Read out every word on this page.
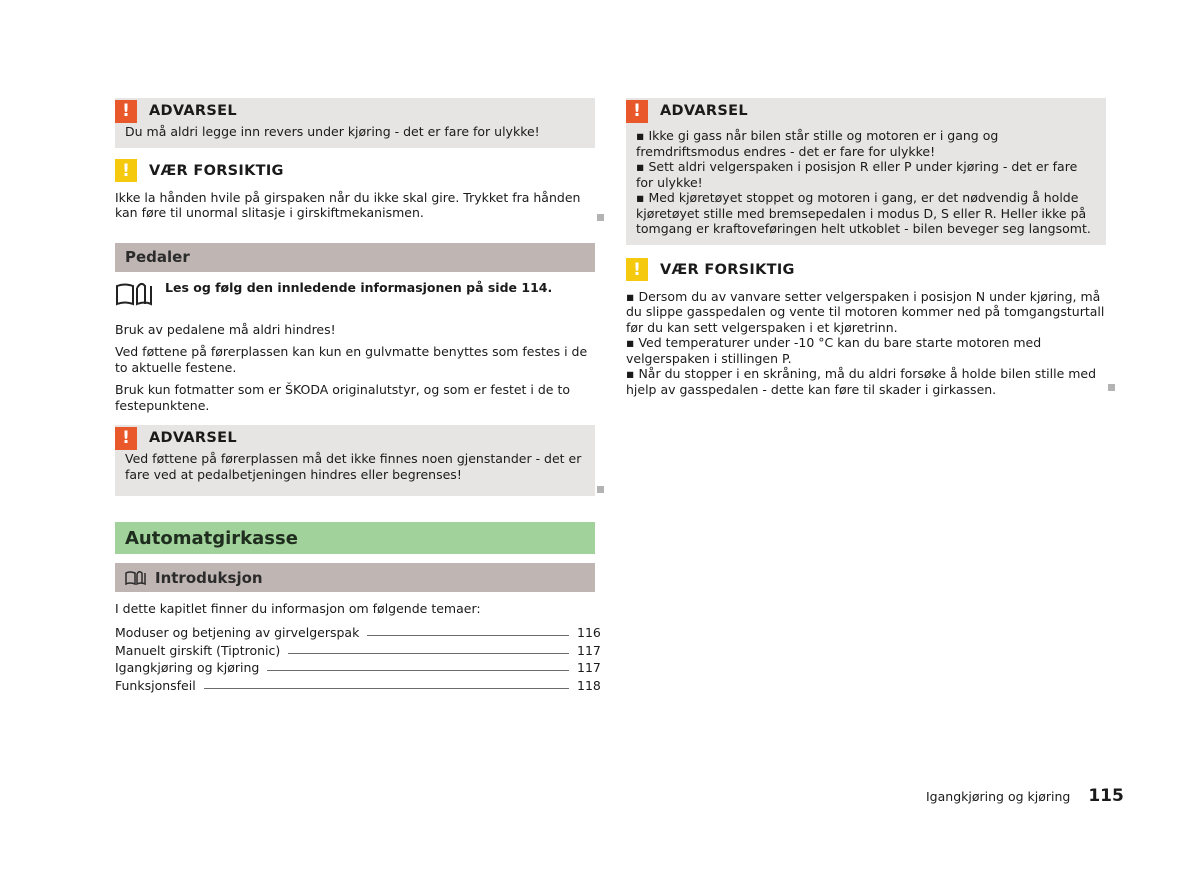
!	ADVARSEL
Du må aldri legge inn revers under kjøring - det er fare for ulykke!
!	VÆR FORSIKTIG
Ikke la hånden hvile på girspaken når du ikke skal gire. Trykket fra hånden kan føre til unormal slitasje i girskiftmekanismen.
Pedaler
Les og følg den innledende informasjonen på side 114.

Bruk av pedalene må aldri hindres!

Ved føttene på førerplassen kan kun en gulvmatte benyttes som festes i de to aktuelle festene.

Bruk kun fotmatter som er ŠKODA originalutstyr, og som er festet i de to festepunktene.

!	ADVARSEL
Ved føttene på førerplassen må det ikke finnes noen gjenstander - det er fare ved at pedalbetjeningen hindres eller begrenses!
Automatgirkasse
Introduksjon

I dette kapitlet finner du informasjon om følgende temaer:

Moduser og betjening av girvelgerspak	116
Manuelt girskift (Tiptronic)	117
Igangkjøring og kjøring	117
Funksjonsfeil	118
!	ADVARSEL
▪ Ikke gi gass når bilen står stille og motoren er i gang og fremdriftsmodus endres - det er fare for ulykke!
▪ Sett aldri velgerspaken i posisjon R eller P under kjøring - det er fare for ulykke!
▪ Med kjøretøyet stoppet og motoren i gang, er det nødvendig å holde kjøretøyet stille med bremsepedalen i modus D, S eller R. Heller ikke på tomgang er kraftoveføringen helt utkoblet - bilen beveger seg langsomt.
!	VÆR FORSIKTIG
▪ Dersom du av vanvare setter velgerspaken i posisjon N under kjøring, må du slippe gasspedalen og vente til motoren kommer ned på tomgangsturtall før du kan sett velgerspaken i et kjøretrinn.
▪ Ved temperaturer under -10 °C kan du bare starte motoren med velgerspaken i stillingen P.
▪ Når du stopper i en skråning, må du aldri forsøke å holde bilen stille med hjelp av gasspedalen - dette kan føre til skader i girkassen.
Igangkjøring og kjøring 115
